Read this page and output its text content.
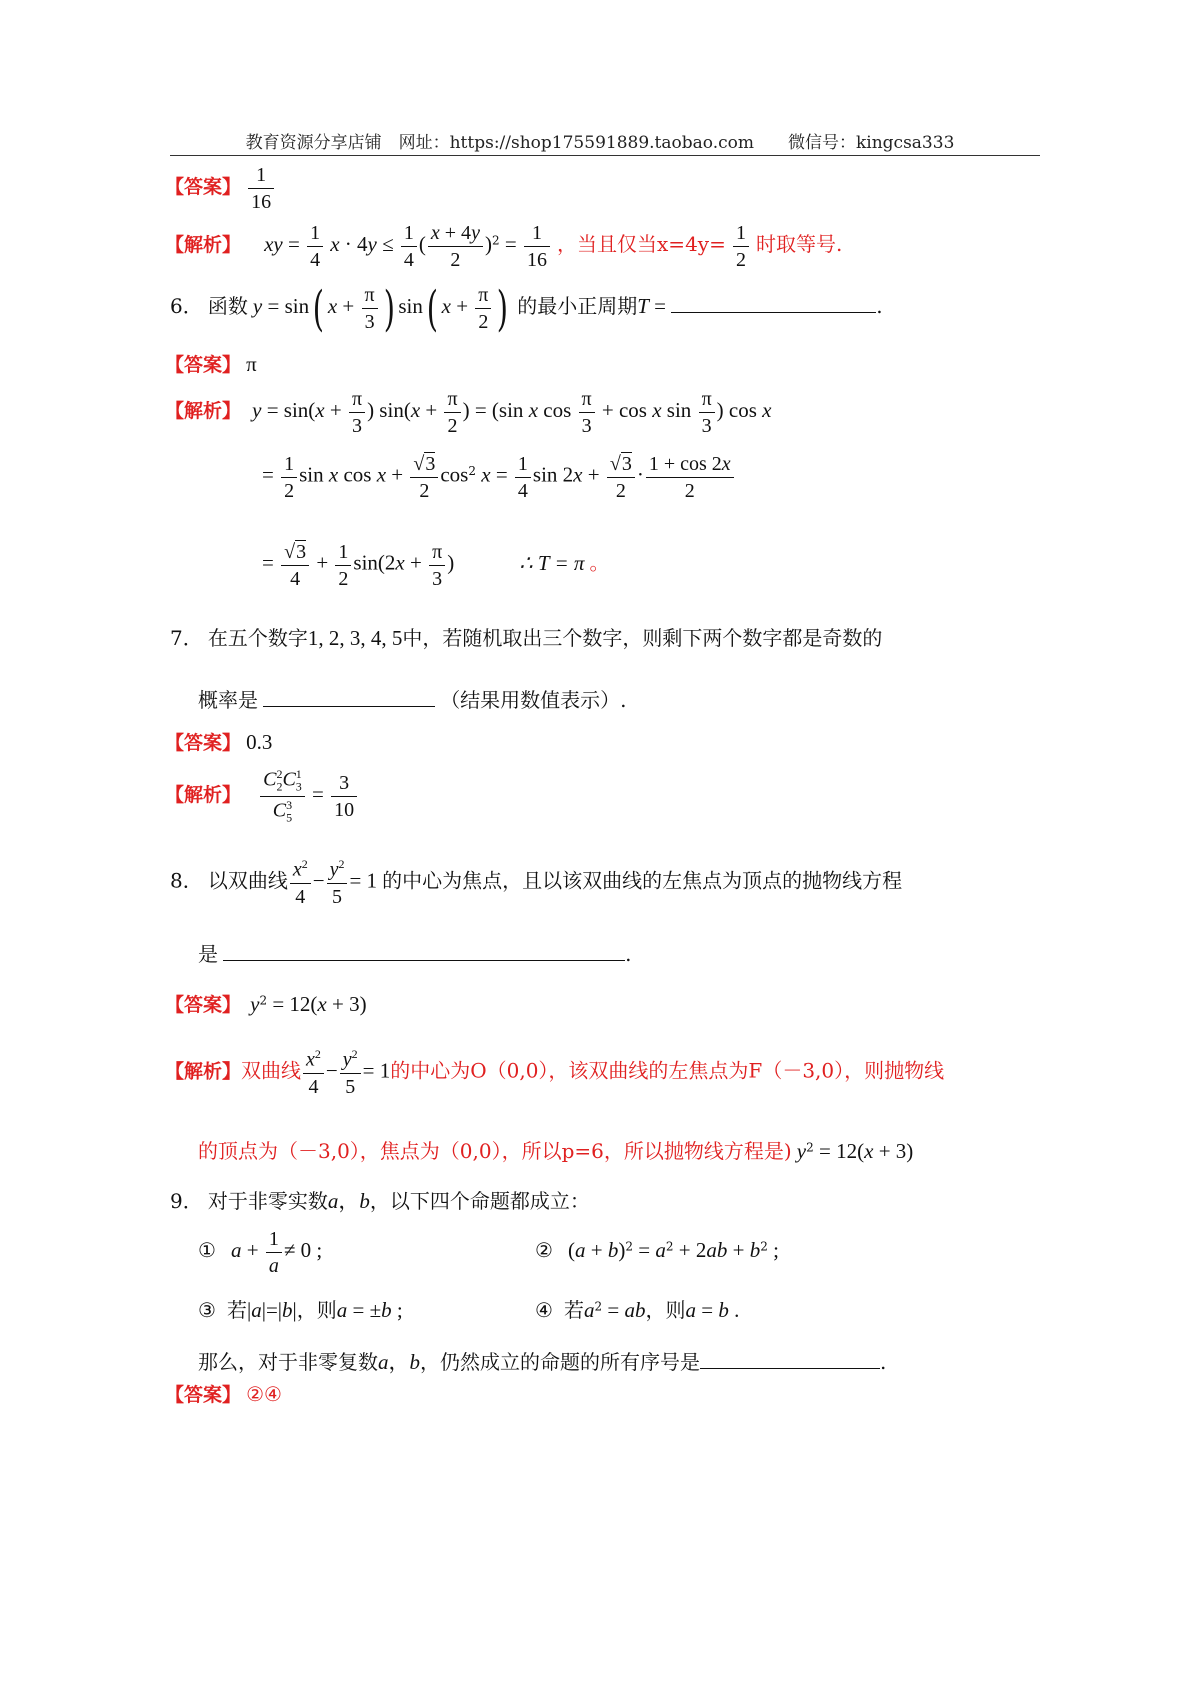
教育资源分享店铺　网址：https://shop175591889.taobao.com　　微信号：kingcsa333
【答案】 $\frac{1}{16}$
【解析】 xy = $\frac{1}{4}$ $x \cdot 4y \le \frac{1}{4}$ ( $\frac{x + 4y}{2} )^2 = \frac{1}{16}$ ，当且仅当$x=4y= \frac{1}{2}$ 时取等号.
6． 函数 y = sin( $x + \frac{\pi}{3}$ ) sin( $x + \frac{\pi}{2}$ ) 的最小正周期T =	.
【答案】 π
【解析】 $y = \sin(x + \frac{\pi}{3}$ ) $\sin(x + \frac{\pi}{2}$ ) = (sin x $\cos \frac{\pi}{3} + \cos x$ $\sin \frac{\pi}{3}$ ) cos x
= $\frac{1}{2}$ sin x $\cos x + \frac{√3}{2} \cos^2 x = \frac{1}{4}$ $\sin 2x + \frac{√3}{2} \cdot \frac{1 + \cos 2x}{2}$
= $\frac{√3}{4} + \frac{1}{2} \sin(2x + \frac{\pi}{3}$ )	∴ T = π 。
7． 在五个数字1, 2, 3, 4, 5中，若随机取出三个数字，则剩下两个数字都是奇数的
概率是	（结果用数值表示）.
【答案】 0.3
【解析】 $\frac{C_2^2C_3^1}{C_5^3} = \frac{3}{10}$
8． 以双曲线 $\frac{x^2}{4} - \frac{y^2}{5} = 1$ 的中心为焦点，且以该双曲线的左焦点为顶点的抛物线方程
是	.
【答案】 $y^2 = 12(x + 3)$
【解析】双曲线 $\frac{x^2}{4} - \frac{y^2}{5} = 1$的中心为O（0,0），该双曲线的左焦点为F（－3,0），则抛物线
的顶点为（－3,0），焦点为（0,0），所以p=6，所以抛物线方程是) $y^2 = 12(x + 3)$
9． 对于非零实数a，b，以下四个命题都成立：
① $a + \frac{1}{a} \ne 0$ ;	② $(a + b)^2 = a^2 + 2ab + b^2$ ;
③ 若|a|=|b|，则a = ±b ;	④ 若$a^2$ = ab，则a = b .
那么，对于非零复数a，b，仍然成立的命题的所有序号是	.
【答案】 ②④
